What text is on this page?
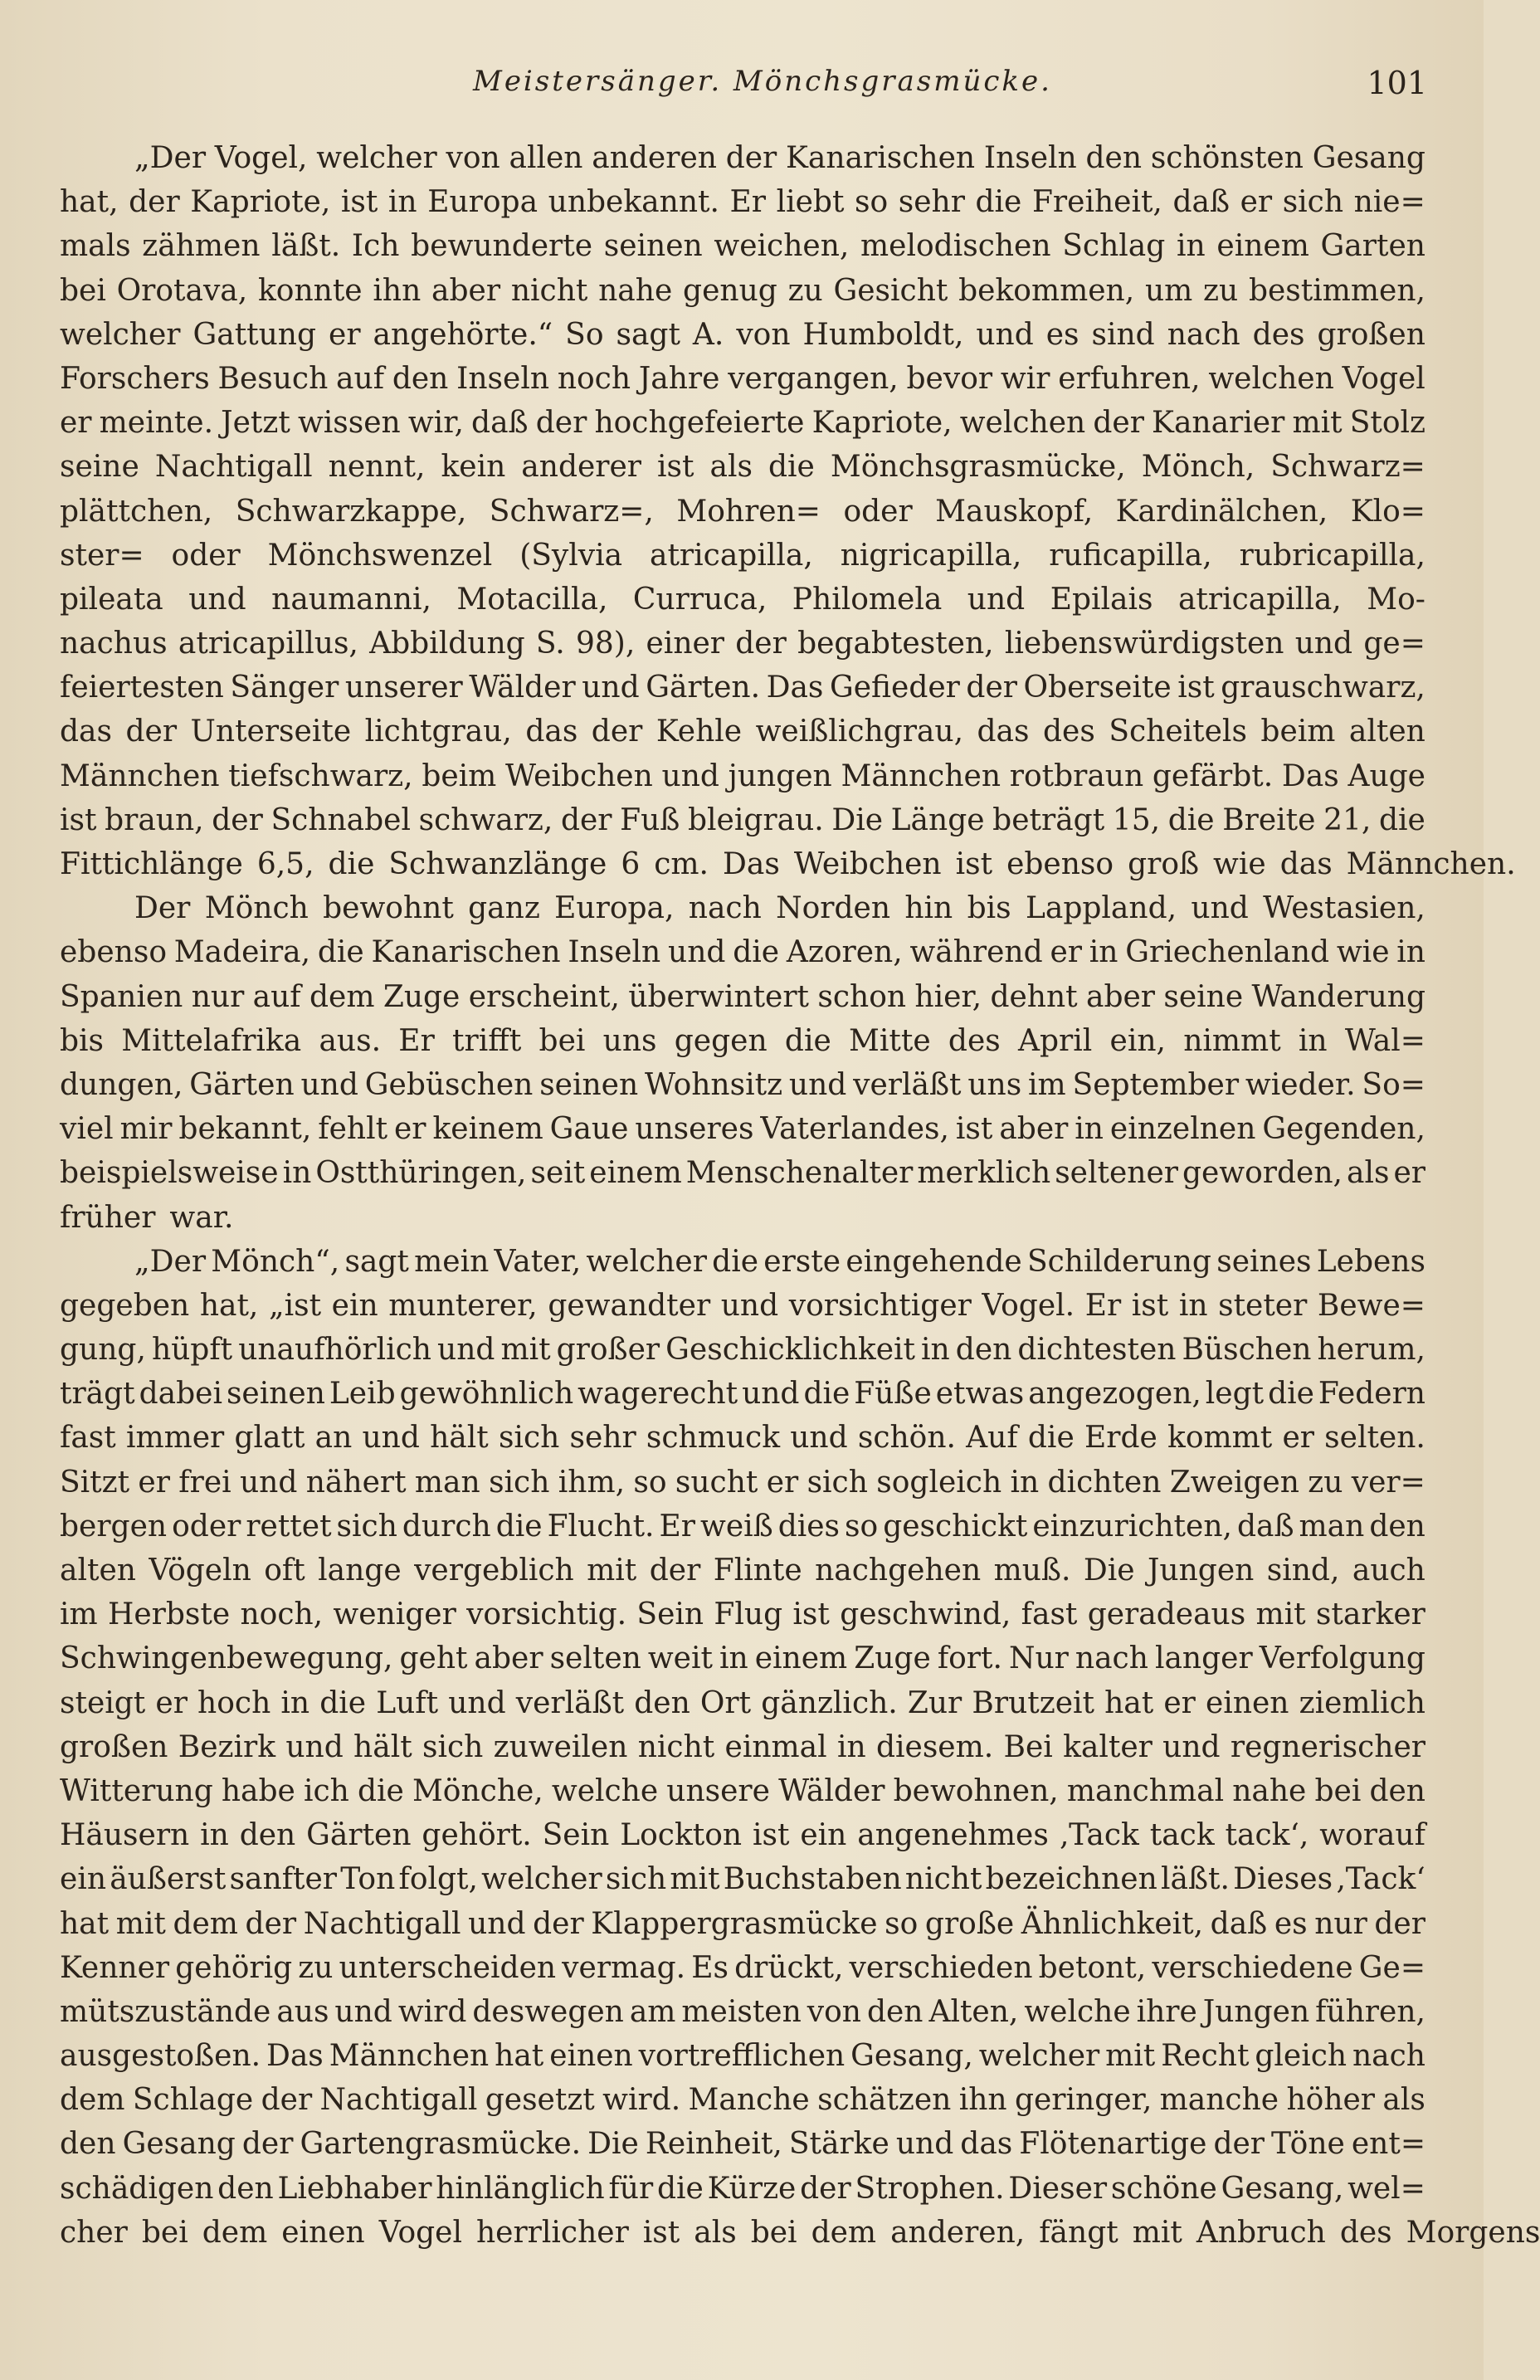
Meistersänger. Mönchsgrasmücke.	101
„Der Vogel, welcher von allen anderen der Kanarischen Inseln den schönsten Gesang
hat, der Kapriote, ist in Europa unbekannt. Er liebt so sehr die Freiheit, daß er sich nie=
mals zähmen läßt. Ich bewunderte seinen weichen, melodischen Schlag in einem Garten
bei Orotava, konnte ihn aber nicht nahe genug zu Gesicht bekommen, um zu bestimmen,
welcher Gattung er angehörte.“ So sagt A. von Humboldt, und es sind nach des großen
Forschers Besuch auf den Inseln noch Jahre vergangen, bevor wir erfuhren, welchen Vogel
er meinte. Jetzt wissen wir, daß der hochgefeierte Kapriote, welchen der Kanarier mit Stolz
seine Nachtigall nennt, kein anderer ist als die Mönchsgrasmücke, Mönch, Schwarz=
plättchen, Schwarzkappe, Schwarz=, Mohren= oder Mauskopf, Kardinälchen, Klo=
ster= oder Mönchswenzel (Sylvia atricapilla, nigricapilla, ruficapilla, rubricapilla,
pileata und naumanni, Motacilla, Curruca, Philomela und Epilais atricapilla, Mo-
nachus atricapillus, Abbildung S. 98), einer der begabtesten, liebenswürdigsten und ge=
feiertesten Sänger unserer Wälder und Gärten. Das Gefieder der Oberseite ist grauschwarz,
das der Unterseite lichtgrau, das der Kehle weißlichgrau, das des Scheitels beim alten
Männchen tiefschwarz, beim Weibchen und jungen Männchen rotbraun gefärbt. Das Auge
ist braun, der Schnabel schwarz, der Fuß bleigrau. Die Länge beträgt 15, die Breite 21, die
Fittichlänge 6,5, die Schwanzlänge 6 cm. Das Weibchen ist ebenso groß wie das Männchen.
Der Mönch bewohnt ganz Europa, nach Norden hin bis Lappland, und Westasien,
ebenso Madeira, die Kanarischen Inseln und die Azoren, während er in Griechenland wie in
Spanien nur auf dem Zuge erscheint, überwintert schon hier, dehnt aber seine Wanderung
bis Mittelafrika aus. Er trifft bei uns gegen die Mitte des April ein, nimmt in Wal=
dungen, Gärten und Gebüschen seinen Wohnsitz und verläßt uns im September wieder. So=
viel mir bekannt, fehlt er keinem Gaue unseres Vaterlandes, ist aber in einzelnen Gegenden,
beispielsweise in Ostthüringen, seit einem Menschenalter merklich seltener geworden, als er
früher war.
„Der Mönch“, sagt mein Vater, welcher die erste eingehende Schilderung seines Lebens
gegeben hat, „ist ein munterer, gewandter und vorsichtiger Vogel. Er ist in steter Bewe=
gung, hüpft unaufhörlich und mit großer Geschicklichkeit in den dichtesten Büschen herum,
trägt dabei seinen Leib gewöhnlich wagerecht und die Füße etwas angezogen, legt die Federn
fast immer glatt an und hält sich sehr schmuck und schön. Auf die Erde kommt er selten.
Sitzt er frei und nähert man sich ihm, so sucht er sich sogleich in dichten Zweigen zu ver=
bergen oder rettet sich durch die Flucht. Er weiß dies so geschickt einzurichten, daß man den
alten Vögeln oft lange vergeblich mit der Flinte nachgehen muß. Die Jungen sind, auch
im Herbste noch, weniger vorsichtig. Sein Flug ist geschwind, fast geradeaus mit starker
Schwingenbewegung, geht aber selten weit in einem Zuge fort. Nur nach langer Verfolgung
steigt er hoch in die Luft und verläßt den Ort gänzlich. Zur Brutzeit hat er einen ziemlich
großen Bezirk und hält sich zuweilen nicht einmal in diesem. Bei kalter und regnerischer
Witterung habe ich die Mönche, welche unsere Wälder bewohnen, manchmal nahe bei den
Häusern in den Gärten gehört. Sein Lockton ist ein angenehmes ‚Tack tack tack‘, worauf
ein äußerst sanfter Ton folgt, welcher sich mit Buchstaben nicht bezeichnen läßt. Dieses ‚Tack‘
hat mit dem der Nachtigall und der Klappergrasmücke so große Ähnlichkeit, daß es nur der
Kenner gehörig zu unterscheiden vermag. Es drückt, verschieden betont, verschiedene Ge=
mütszustände aus und wird deswegen am meisten von den Alten, welche ihre Jungen führen,
ausgestoßen. Das Männchen hat einen vortrefflichen Gesang, welcher mit Recht gleich nach
dem Schlage der Nachtigall gesetzt wird. Manche schätzen ihn geringer, manche höher als
den Gesang der Gartengrasmücke. Die Reinheit, Stärke und das Flötenartige der Töne ent=
schädigen den Liebhaber hinlänglich für die Kürze der Strophen. Dieser schöne Gesang, wel=
cher bei dem einen Vogel herrlicher ist als bei dem anderen, fängt mit Anbruch des Morgens
